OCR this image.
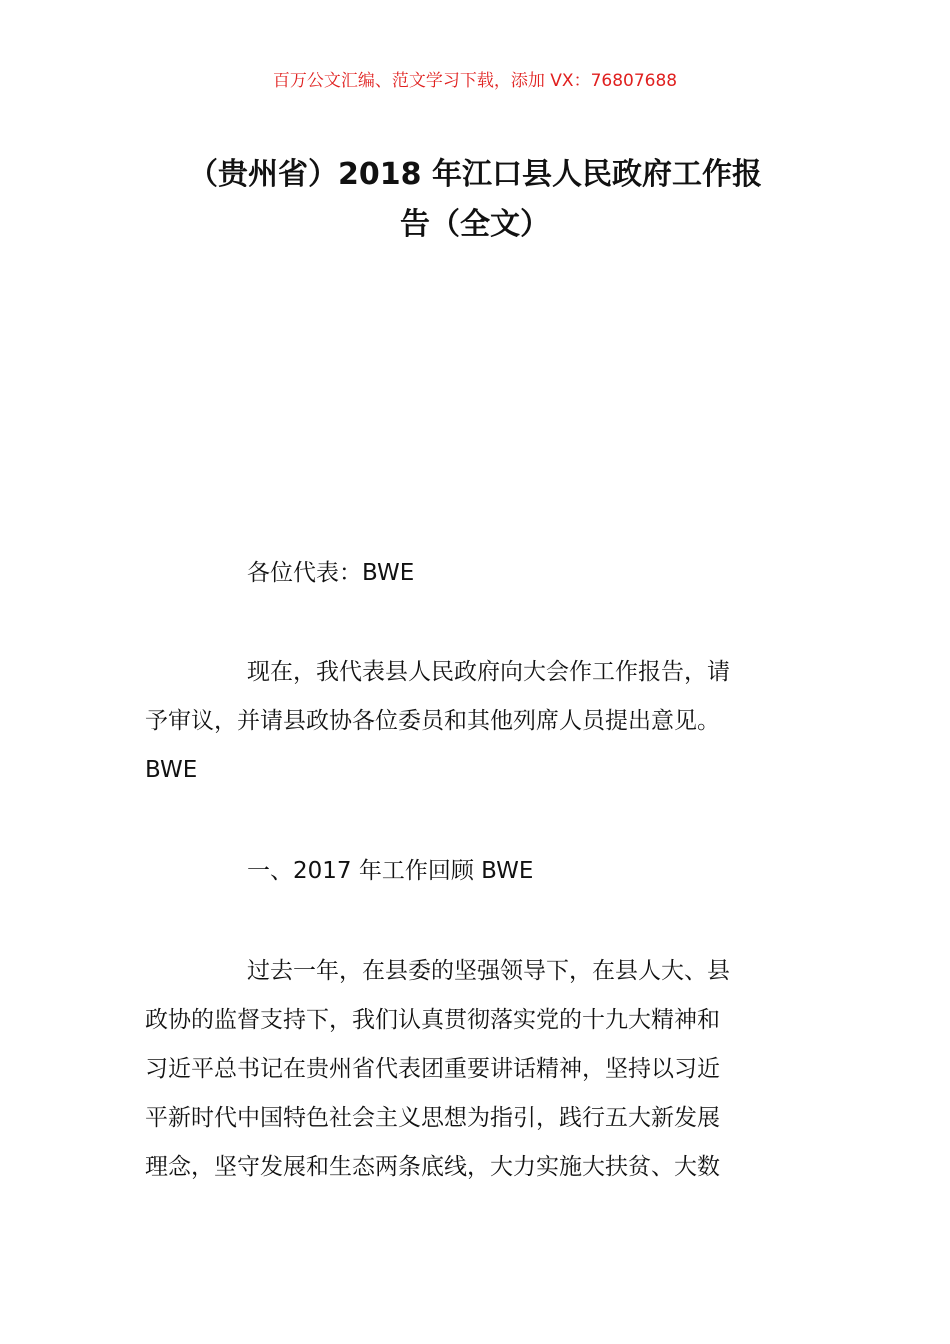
百万公文汇编、范文学习下载，添加 VX：76807688
（贵州省）2018 年江口县人民政府工作报
告（全文）
各位代表：BWE
现在，我代表县人民政府向大会作工作报告，请
予审议，并请县政协各位委员和其他列席人员提出意见。
BWE
一、2017 年工作回顾 BWE
过去一年，在县委的坚强领导下，在县人大、县
政协的监督支持下，我们认真贯彻落实党的十九大精神和
习近平总书记在贵州省代表团重要讲话精神，坚持以习近
平新时代中国特色社会主义思想为指引，践行五大新发展
理念，坚守发展和生态两条底线，大力实施大扶贫、大数
